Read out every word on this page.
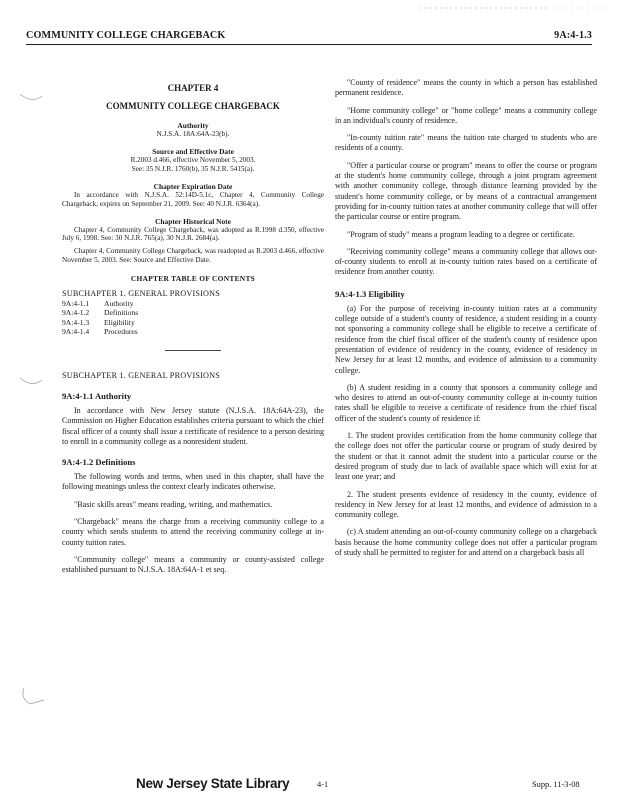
COMMUNITY COLLEGE CHARGEBACK	9A:4-1.3
CHAPTER 4
COMMUNITY COLLEGE CHARGEBACK
Authority
N.J.S.A. 18A:64A-23(b).
Source and Effective Date
R.2003 d.466, effective November 5, 2003.
See: 35 N.J.R. 1760(b), 35 N.J.R. 5415(a).
Chapter Expiration Date

In accordance with N.J.S.A. 52:14D-5.1c, Chapter 4, Community College Chargeback, expires on September 21, 2009. See: 40 N.J.R. 6364(a).

Chapter Historical Note

Chapter 4, Community College Chargeback, was adopted as R.1998 d.350, effective July 6, 1998. See: 30 N.J.R. 765(a), 30 N.J.R. 2684(a).

Chapter 4, Community College Chargeback, was readopted as R.2003 d.466, effective November 5, 2003. See: Source and Effective Date.

CHAPTER TABLE OF CONTENTS
SUBCHAPTER 1. GENERAL PROVISIONS
9A:4-1.1	Authority
9A:4-1.2	Definitions
9A:4-1.3	Eligibility
9A:4-1.4	Procedures
SUBCHAPTER 1. GENERAL PROVISIONS
9A:4-1.1 Authority

In accordance with New Jersey statute (N.J.S.A. 18A:64A-23), the Commission on Higher Education establishes criteria pursuant to which the chief fiscal officer of a county shall issue a certificate of residence to a person desiring to enroll in a community college as a nonresident student.

9A:4-1.2 Definitions

The following words and terms, when used in this chapter, shall have the following meanings unless the context clearly indicates otherwise.

"Basic skills areas" means reading, writing, and mathematics.

"Chargeback" means the charge from a receiving community college to a county which sends students to attend the receiving community college at in-county tuition rates.

"Community college" means a community or county-assisted college established pursuant to N.J.S.A. 18A:64A-1 et seq.

"County of residence" means the county in which a person has established permanent residence.

"Home community college" or "home college" means a community college in an individual's county of residence.

"In-county tuition rate" means the tuition rate charged to students who are residents of a county.

"Offer a particular course or program" means to offer the course or program at the student's home community college, through a joint program agreement with another community college, through distance learning provided by the student's home community college, or by means of a contractual arrangement providing for in-county tuition rates at another community college that will offer the particular course or entire program.

"Program of study" means a program leading to a degree or certificate.

"Receiving community college" means a community college that allows out-of-county students to enroll at in-county tuition rates based on a certificate of residence from another county.

9A:4-1.3 Eligibility

(a) For the purpose of receiving in-county tuition rates at a community college outside of a student's county of residence, a student residing in a county not sponsoring a community college shall be eligible to receive a certificate of residence from the chief fiscal officer of the student's county of residence upon presentation of evidence of residency in the county, evidence of residency in New Jersey for at least 12 months, and evidence of admission to a community college.

(b) A student residing in a county that sponsors a community college and who desires to attend an out-of-county community college at in-county tuition rates shall be eligible to receive a certificate of residence from the chief fiscal officer of the student's county of residence if:

1. The student provides certification from the home community college that the college does not offer the particular course or program of study desired by the student or that it cannot admit the student into a particular course or the desired program of study due to lack of available space which will exist for at least one year; and

2. The student presents evidence of residency in the county, evidence of residency in New Jersey for at least 12 months, and evidence of admission to a community college.

(c) A student attending an out-of-county community college on a chargeback basis because the home community college does not offer a particular program of study shall be permitted to register for and attend on a chargeback basis all

New Jersey State Library	4-1	Supp. 11-3-08
